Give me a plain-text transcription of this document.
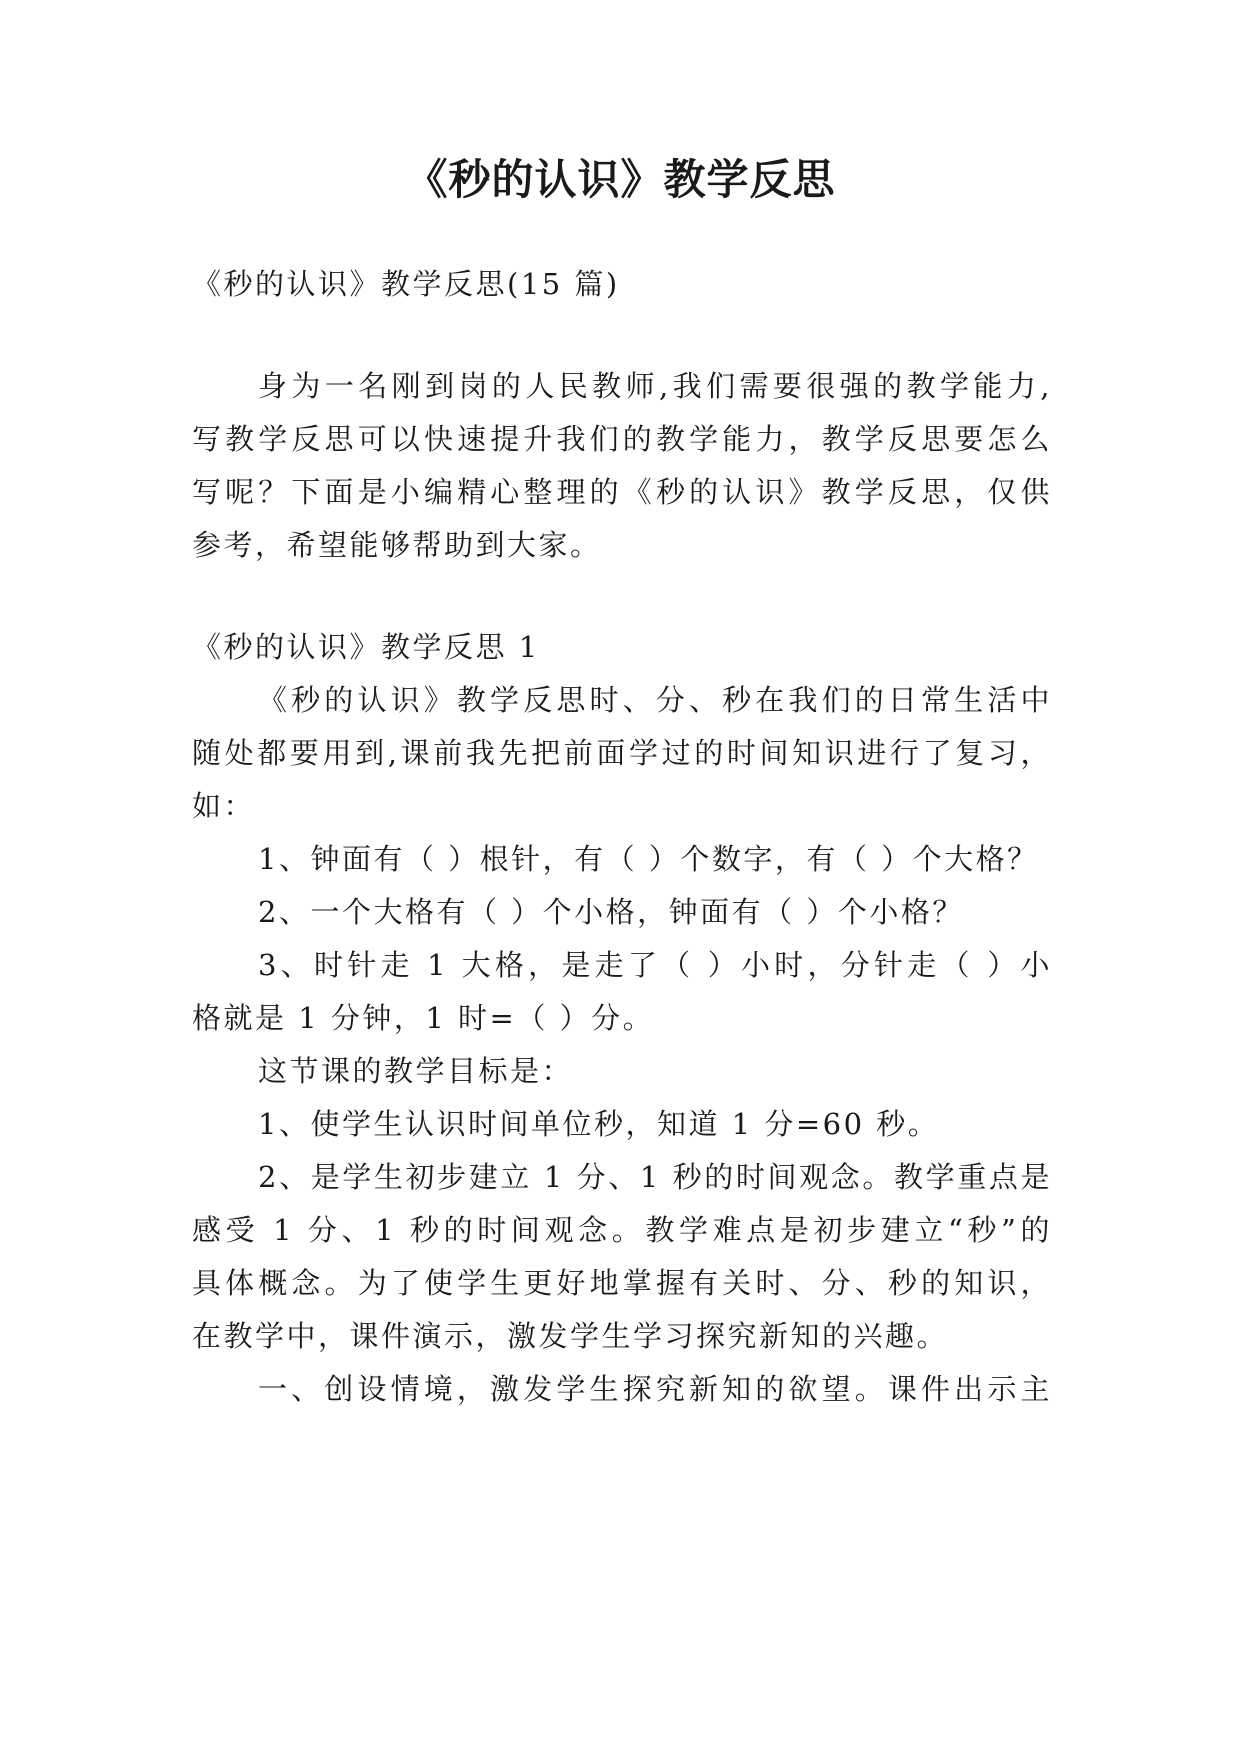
《秒的认识》教学反思

《秒的认识》教学反思(15 篇)

身为一名刚到岗的人民教师,我们需要很强的教学能力,

写教学反思可以快速提升我们的教学能力，教学反思要怎么

写呢？下面是小编精心整理的《秒的认识》教学反思，仅供

参考，希望能够帮助到大家。

《秒的认识》教学反思 1

《秒的认识》教学反思时、分、秒在我们的日常生活中

随处都要用到,课前我先把前面学过的时间知识进行了复习，

如：

1、钟面有（ ）根针，有（ ）个数字，有（ ）个大格？

2、一个大格有（ ）个小格，钟面有（ ）个小格？

3、时针走 1 大格，是走了（ ）小时，分针走（ ）小

格就是 1 分钟，1 时=（ ）分。

这节课的教学目标是：

1、使学生认识时间单位秒，知道 1 分=60 秒。

2、是学生初步建立 1 分、1 秒的时间观念。教学重点是

感受 1 分、1 秒的时间观念。教学难点是初步建立“秒”的

具体概念。为了使学生更好地掌握有关时、分、秒的知识，

在教学中，课件演示，激发学生学习探究新知的兴趣。

一、创设情境，激发学生探究新知的欲望。课件出示主
